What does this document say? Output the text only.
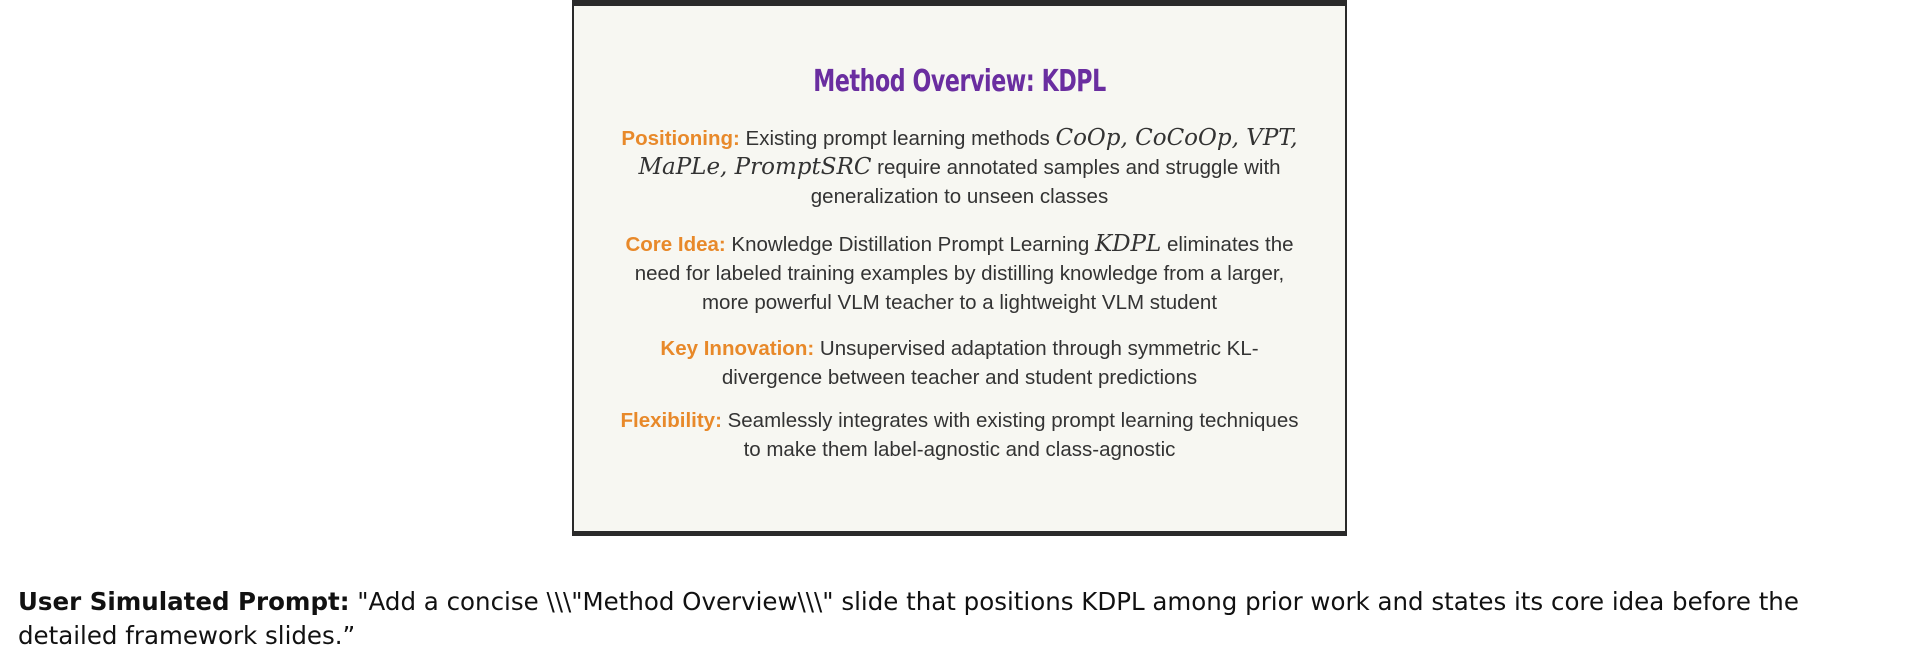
Method Overview: KDPL
Positioning: Existing prompt learning methods CoOp, CoCoOp, VPT, MaPLe, PromptSRC require annotated samples and struggle with generalization to unseen classes
Core Idea: Knowledge Distillation Prompt Learning KDPL eliminates the need for labeled training examples by distilling knowledge from a larger, more powerful VLM teacher to a lightweight VLM student
Key Innovation: Unsupervised adaptation through symmetric KL-divergence between teacher and student predictions
Flexibility: Seamlessly integrates with existing prompt learning techniques to make them label-agnostic and class-agnostic
User Simulated Prompt: "Add a concise \\\"Method Overview\\\" slide that positions KDPL among prior work and states its core idea before the detailed framework slides.”
